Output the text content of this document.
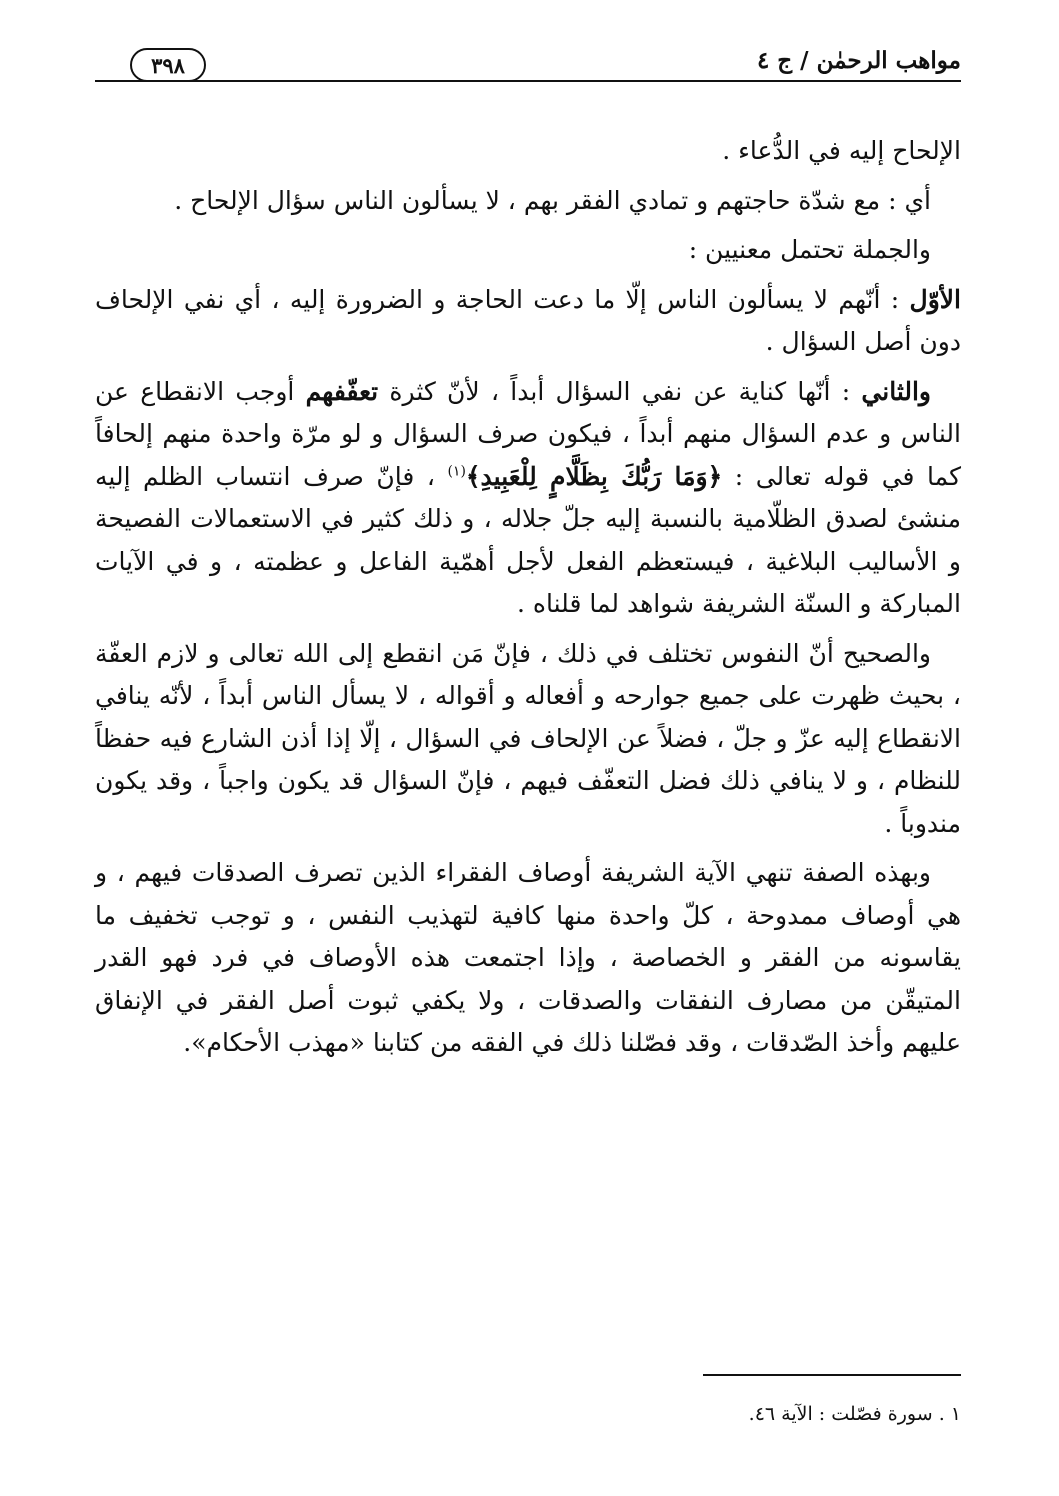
مواهب الرحمٰن / ج ٤
٣٩٨

الإلحاح إليه في الدُّعاء .

أي : مع شدّة حاجتهم و تمادي الفقر بهم ، لا يسألون الناس سؤال الإلحاح .

والجملة تحتمل معنيين :

الأوّل : أنّهم لا يسألون الناس إلّا ما دعت الحاجة و الضرورة إليه ، أي نفي الإلحاف دون أصل السؤال .

والثاني : أنّها كناية عن نفي السؤال أبداً ، لأنّ كثرة تعفّفهم أوجب الانقطاع عن الناس و عدم السؤال منهم أبداً ، فيكون صرف السؤال و لو مرّة واحدة منهم إلحافاً كما في قوله تعالى : ﴿وَمَا رَبُّكَ بِظَلَّامٍ لِلْعَبِيدِ﴾$^{(١)}$ ، فإنّ صرف انتساب الظلم إليه منشئ لصدق الظلّامية بالنسبة إليه جلّ جلاله ، و ذلك كثير في الاستعمالات الفصيحة و الأساليب البلاغية ، فيستعظم الفعل لأجل أهمّية الفاعل و عظمته ، و في الآيات المباركة و السنّة الشريفة شواهد لما قلناه .

والصحيح أنّ النفوس تختلف في ذلك ، فإنّ مَن انقطع إلى الله تعالى و لازم العفّة ، بحيث ظهرت على جميع جوارحه و أفعاله و أقواله ، لا يسأل الناس أبداً ، لأنّه ينافي الانقطاع إليه عزّ و جلّ ، فضلاً عن الإلحاف في السؤال ، إلّا إذا أذن الشارع فيه حفظاً للنظام ، و لا ينافي ذلك فضل التعفّف فيهم ، فإنّ السؤال قد يكون واجباً ، وقد يكون مندوباً .

وبهذه الصفة تنهي الآية الشريفة أوصاف الفقراء الذين تصرف الصدقات فيهم ، و هي أوصاف ممدوحة ، كلّ واحدة منها كافية لتهذيب النفس ، و توجب تخفيف ما يقاسونه من الفقر و الخصاصة ، وإذا اجتمعت هذه الأوصاف في فرد فهو القدر المتيقّن من مصارف النفقات والصدقات ، ولا يكفي ثبوت أصل الفقر في الإنفاق عليهم وأخذ الصّدقات ، وقد فصّلنا ذلك في الفقه من كتابنا «مهذب الأحكام».

١ . سورة فصّلت : الآية ٤٦.
